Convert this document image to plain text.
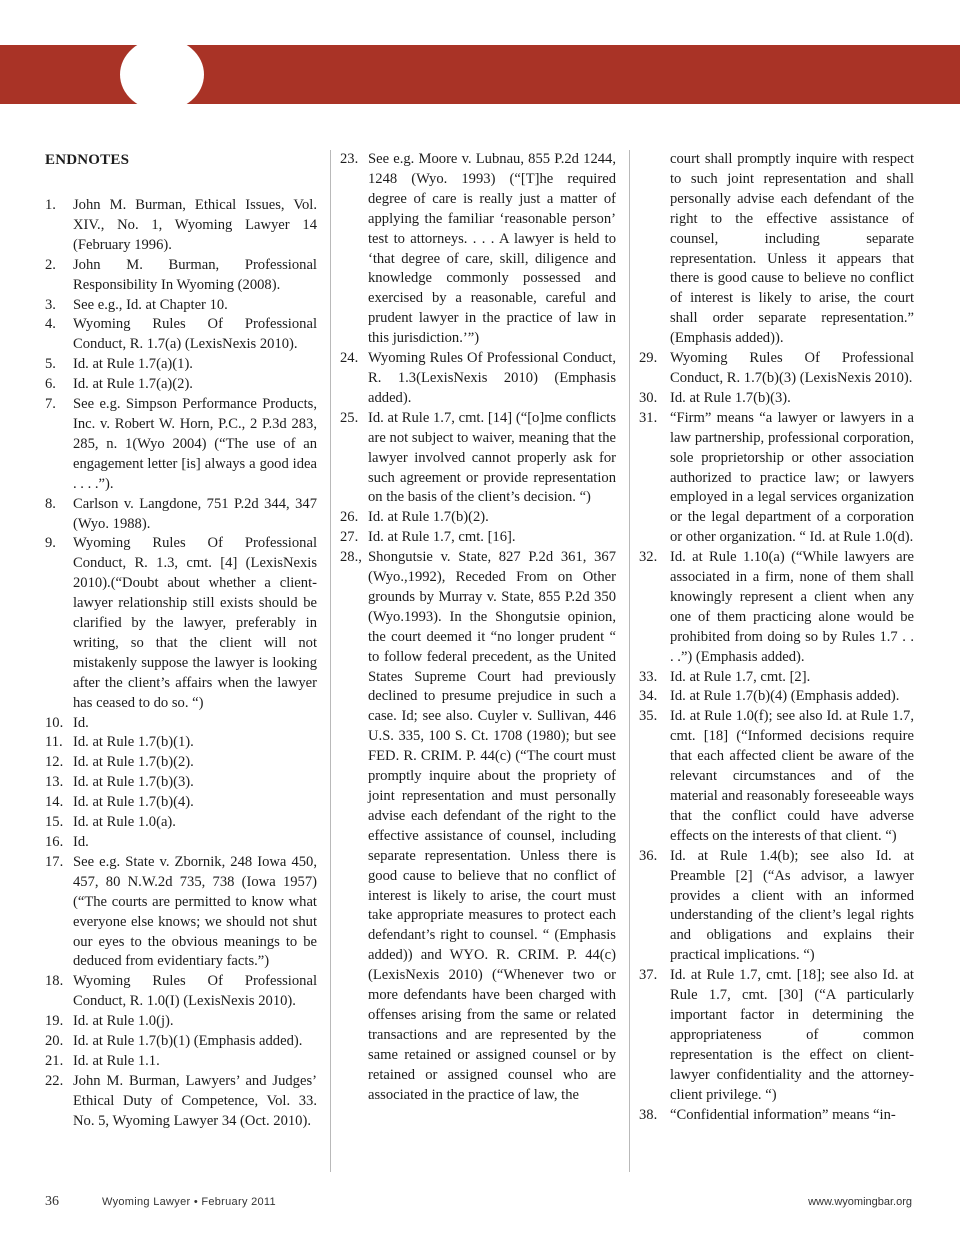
ENDNOTES
1.	John M. Burman, Ethical Issues, Vol. XIV., No. 1, Wyoming Lawyer 14 (February 1996).
2.	John M. Burman, Professional Responsibility In Wyoming (2008).
3.	See e.g., Id. at Chapter 10.
4.	Wyoming Rules Of Professional Conduct, R. 1.7(a) (LexisNexis 2010).
5.	Id. at Rule 1.7(a)(1).
6.	Id. at Rule 1.7(a)(2).
7.	See e.g. Simpson Performance Products, Inc. v. Robert W. Horn, P.C., 2 P.3d 283, 285, n. 1(Wyo 2004) (“The use of an engagement letter [is] always a good idea . . . .”).
8.	Carlson v. Langdone, 751 P.2d 344, 347 (Wyo. 1988).
9.	Wyoming Rules Of Professional Conduct, R. 1.3, cmt. [4] (LexisNexis 2010).(“Doubt about whether a client-lawyer relationship still exists should be clarified by the lawyer, preferably in writing, so that the client will not mistakenly suppose the lawyer is looking after the client’s affairs when the lawyer has ceased to do so. “)
10. Id.
11. Id. at Rule 1.7(b)(1).
12. Id. at Rule 1.7(b)(2).
13. Id. at Rule 1.7(b)(3).
14. Id. at Rule 1.7(b)(4).
15. Id. at Rule 1.0(a).
16. Id.
17. See e.g. State v. Zbornik, 248 Iowa 450, 457, 80 N.W.2d 735, 738 (Iowa 1957) (“The courts are permitted to know what everyone else knows; we should not shut our eyes to the obvious meanings to be deduced from evidentiary facts.”)
18. Wyoming Rules Of Professional Conduct, R. 1.0(I) (LexisNexis 2010).
19. Id. at Rule 1.0(j).
20. Id. at Rule 1.7(b)(1) (Emphasis added).
21. Id. at Rule 1.1.
22. John M. Burman, Lawyers’ and Judges’ Ethical Duty of Competence, Vol. 33. No. 5, Wyoming Lawyer 34 (Oct. 2010).
23. See e.g. Moore v. Lubnau, 855 P.2d 1244, 1248 (Wyo. 1993) (“[T]he required degree of care is really just a matter of applying the familiar ‘reasonable person’ test to attorneys. . . . A lawyer is held to ‘that degree of care, skill, diligence and knowledge commonly possessed and exercised by a reasonable, careful and prudent lawyer in the practice of law in this jurisdiction.’”)
24. Wyoming Rules Of Professional Conduct, R. 1.3(LexisNexis 2010) (Emphasis added).
25. Id. at Rule 1.7, cmt. [14] (“[o]me conflicts are not subject to waiver, meaning that the lawyer involved cannot properly ask for such agreement or provide representation on the basis of the client’s decision. “)
26. Id. at Rule 1.7(b)(2).
27. Id. at Rule 1.7, cmt. [16].
28., Shongutsie v. State, 827 P.2d 361, 367 (Wyo.,1992), Receded From on Other grounds by Murray v. State, 855 P.2d 350 (Wyo.1993). In the Shongutsie opinion, the court deemed it “no longer prudent “ to follow federal precedent, as the United States Supreme Court had previously declined to presume prejudice in such a case. Id; see also. Cuyler v. Sullivan, 446 U.S. 335, 100 S. Ct. 1708 (1980); but see FED. R. CRIM. P. 44(c) (“The court must promptly inquire about the propriety of joint representation and must personally advise each defendant of the right to the effective assistance of counsel, including separate representation. Unless there is good cause to believe that no conflict of interest is likely to arise, the court must take appropriate measures to protect each defendant’s right to counsel. “ (Emphasis added)) and WYO. R. CRIM. P. 44(c) (LexisNexis 2010) (“Whenever two or more defendants have been charged with offenses arising from the same or related transactions and are represented by the same retained or assigned counsel or by retained or assigned counsel who are associated in the practice of law, the
court shall promptly inquire with respect to such joint representation and shall personally advise each defendant of the right to the effective assistance of counsel, including separate representation. Unless it appears that there is good cause to believe no conflict of interest is likely to arise, the court shall order separate representation.” (Emphasis added)).
29. Wyoming Rules Of Professional Conduct, R. 1.7(b)(3) (LexisNexis 2010).
30. Id. at Rule 1.7(b)(3).
31. “Firm” means “a lawyer or lawyers in a law partnership, professional corporation, sole proprietorship or other association authorized to practice law; or lawyers employed in a legal services organization or the legal department of a corporation or other organization. “ Id. at Rule 1.0(d).
32. Id. at Rule 1.10(a) (“While lawyers are associated in a firm, none of them shall knowingly represent a client when any one of them practicing alone would be prohibited from doing so by Rules 1.7 . . . .”) (Emphasis added).
33. Id. at Rule 1.7, cmt. [2].
34. Id. at Rule 1.7(b)(4) (Emphasis added).
35. Id. at Rule 1.0(f); see also Id. at Rule 1.7, cmt. [18] (“Informed decisions require that each affected client be aware of the relevant circumstances and of the material and reasonably foreseeable ways that the conflict could have adverse effects on the interests of that client. “)
36. Id. at Rule 1.4(b); see also Id. at Preamble [2] (“As advisor, a lawyer provides a client with an informed understanding of the client’s legal rights and obligations and explains their practical implications. “)
37. Id. at Rule 1.7, cmt. [18]; see also Id. at Rule 1.7, cmt. [30] (“A particularly important factor in determining the appropriateness of common representation is the effect on client-lawyer confidentiality and the attorney-client privilege. “)
38. “Confidential information” means “in-
36	Wyoming Lawyer • February 2011	www.wyomingbar.org
